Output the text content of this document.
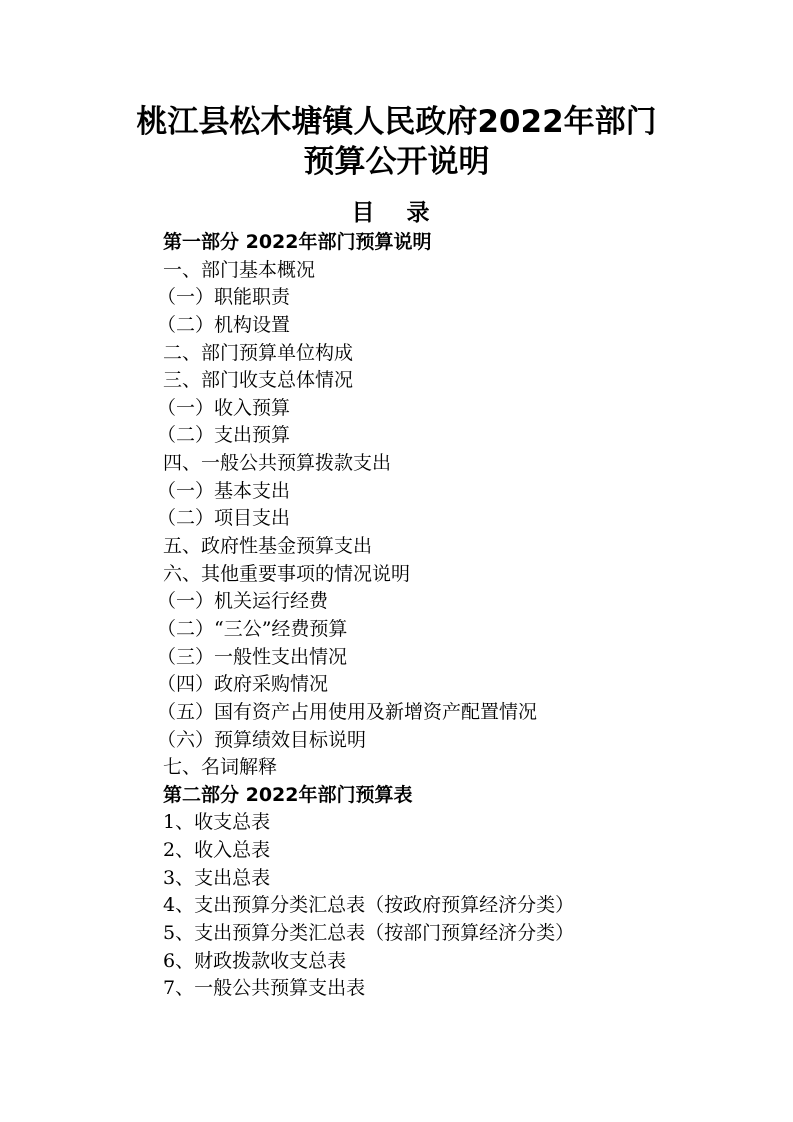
桃江县松木塘镇人民政府2022年部门
预算公开说明
目 录
第一部分 2022年部门预算说明
一、部门基本概况
（一）职能职责
（二）机构设置
二、部门预算单位构成
三、部门收支总体情况
（一）收入预算
（二）支出预算
四、一般公共预算拨款支出
（一）基本支出
（二）项目支出
五、政府性基金预算支出
六、其他重要事项的情况说明
（一）机关运行经费
（二）“三公”经费预算
（三）一般性支出情况
（四）政府采购情况
（五）国有资产占用使用及新增资产配置情况
（六）预算绩效目标说明
七、名词解释
第二部分 2022年部门预算表
1、收支总表
2、收入总表
3、支出总表
4、支出预算分类汇总表（按政府预算经济分类）
5、支出预算分类汇总表（按部门预算经济分类）
6、财政拨款收支总表
7、一般公共预算支出表
